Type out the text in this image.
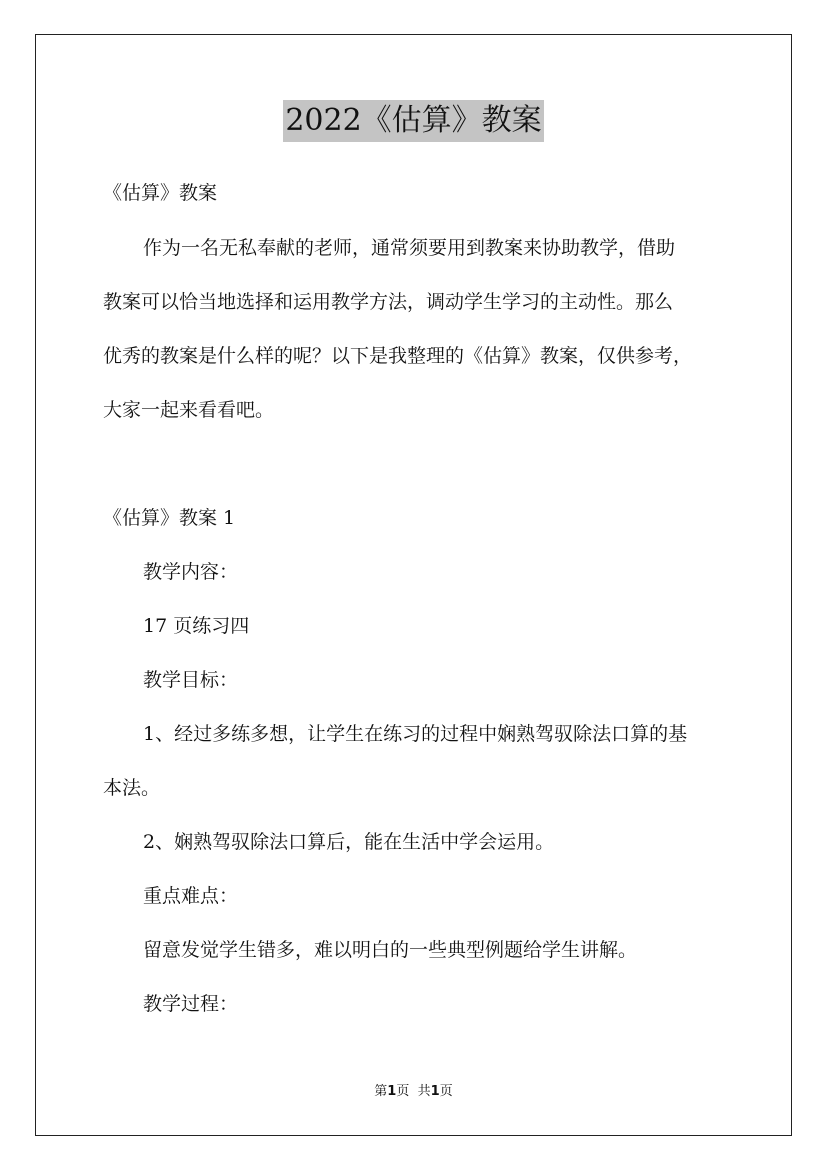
2022《估算》教案
《估算》教案
作为一名无私奉献的老师，通常须要用到教案来协助教学，借助
教案可以恰当地选择和运用教学方法，调动学生学习的主动性。那么
优秀的教案是什么样的呢？以下是我整理的《估算》教案，仅供参考，
大家一起来看看吧。
《估算》教案 1
教学内容：
17 页练习四
教学目标：
1、经过多练多想，让学生在练习的过程中娴熟驾驭除法口算的基
本法。
2、娴熟驾驭除法口算后，能在生活中学会运用。
重点难点：
留意发觉学生错多，难以明白的一些典型例题给学生讲解。
教学过程：
第1页 共1页
